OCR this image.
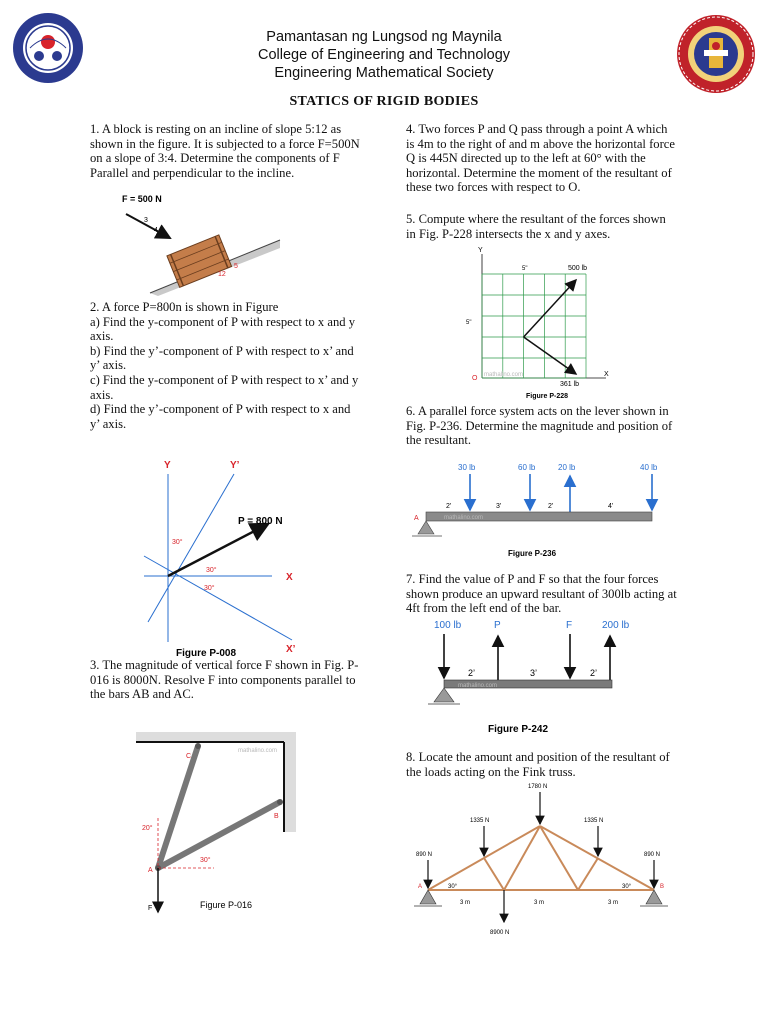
Pamantasan ng Lungsod ng Maynila
College of Engineering and Technology
Engineering Mathematical Society
STATICS OF RIGID BODIES
1. A block is resting on an incline of slope 5:12 as
shown in the figure. It is subjected to a force F=500N
on a slope of 3:4. Determine the components of F
Parallel and perpendicular to the incline.
2. A force P=800n is shown in Figure
a) Find the y-component of P with respect to x and y
axis.
b) Find the y’-component of P with respect to x’ and
y’ axis.
c) Find the y-component of P with respect to x’ and y
axis.
d) Find the y’-component of P with respect to x and
y’ axis.
3. The magnitude of vertical force F shown in Fig. P-
016 is 8000N. Resolve F into components parallel to
the bars AB and AC.
4. Two forces P and Q pass through a point A which
is 4m to the right of and m above the horizontal force
Q is 445N directed up to the left at 60° with the
horizontal. Determine the moment of the resultant of
these two forces with respect to O.
5. Compute where the resultant of the forces shown
in Fig. P-228 intersects the x and y axes.
6. A parallel force system acts on the lever shown in
Fig. P-236. Determine the magnitude and position of
the resultant.
7. Find the value of P and F so that the four forces
shown produce an upward resultant of 300lb acting at
4ft from the left end of the bar.
8. Locate the amount and position of the resultant of
the loads acting on the Fink truss.
F = 500 N
3
4
5
12
Y	Y’
X
X’
P = 800 N
30°
30°
30°
Figure P-008
mathalino.com
C
B
A
20°
30°
F	Figure P-016
Y
X
O
5"
5"
500 lb
361 lb
mathalino.com
Figure P-228
30 lb	60 lb	20 lb	40 lb
2’	3’	2’	4’
mathalino.com
A
Figure P-236
100 lb	P	F	200 lb
2’	3’	2’
mathalino.com
Figure P-242
1780 N
1335 N	1335 N
890 N	890 N
8900 N
30°	30°
3 m	3 m	3 m
A	B
